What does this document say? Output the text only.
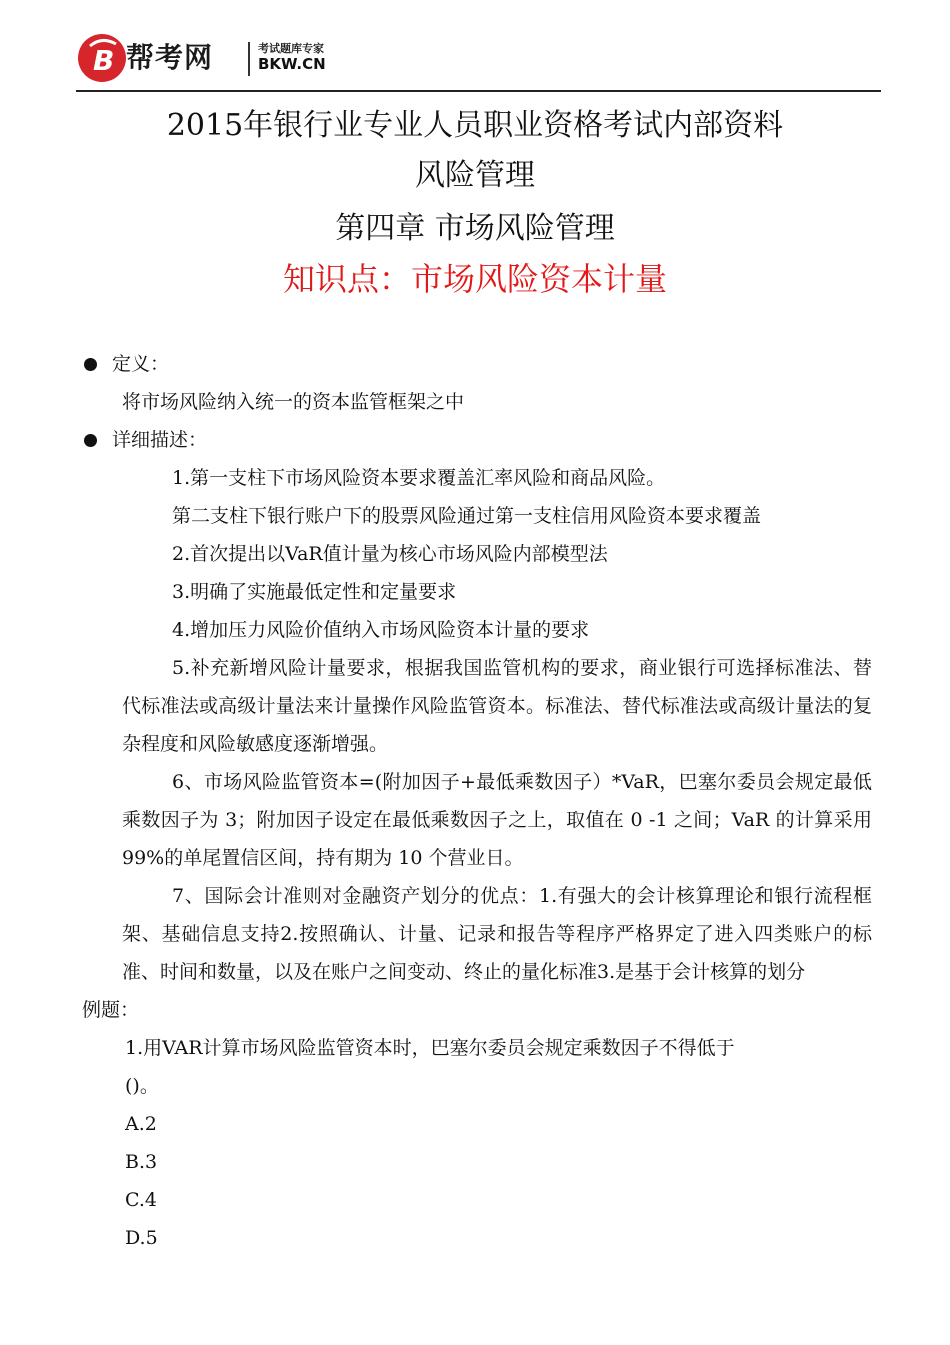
B 帮考网	考试题库专家
BKW.CN
2015年银行业专业人员职业资格考试内部资料
风险管理
第四章 市场风险管理
知识点：市场风险资本计量
定义：
将市场风险纳入统一的资本监管框架之中
详细描述：
1.第一支柱下市场风险资本要求覆盖汇率风险和商品风险。
第二支柱下银行账户下的股票风险通过第一支柱信用风险资本要求覆盖
2.首次提出以VaR值计量为核心市场风险内部模型法
3.明确了实施最低定性和定量要求
4.增加压力风险价值纳入市场风险资本计量的要求
5.补充新增风险计量要求，根据我国监管机构的要求，商业银行可选择标准法、替代标准法或高级计量法来计量操作风险监管资本。标准法、替代标准法或高级计量法的复杂程度和风险敏感度逐渐增强。
6、市场风险监管资本=(附加因子+最低乘数因子）*VaR，巴塞尔委员会规定最低乘数因子为 3；附加因子设定在最低乘数因子之上，取值在 0 -1 之间；VaR 的计算采用 99%的单尾置信区间，持有期为 10 个营业日。
7、国际会计准则对金融资产划分的优点：1.有强大的会计核算理论和银行流程框架、基础信息支持2.按照确认、计量、记录和报告等程序严格界定了进入四类账户的标准、时间和数量，以及在账户之间变动、终止的量化标准3.是基于会计核算的划分
例题：
1.用VAR计算市场风险监管资本时，巴塞尔委员会规定乘数因子不得低于
()。
A.2
B.3
C.4
D.5
